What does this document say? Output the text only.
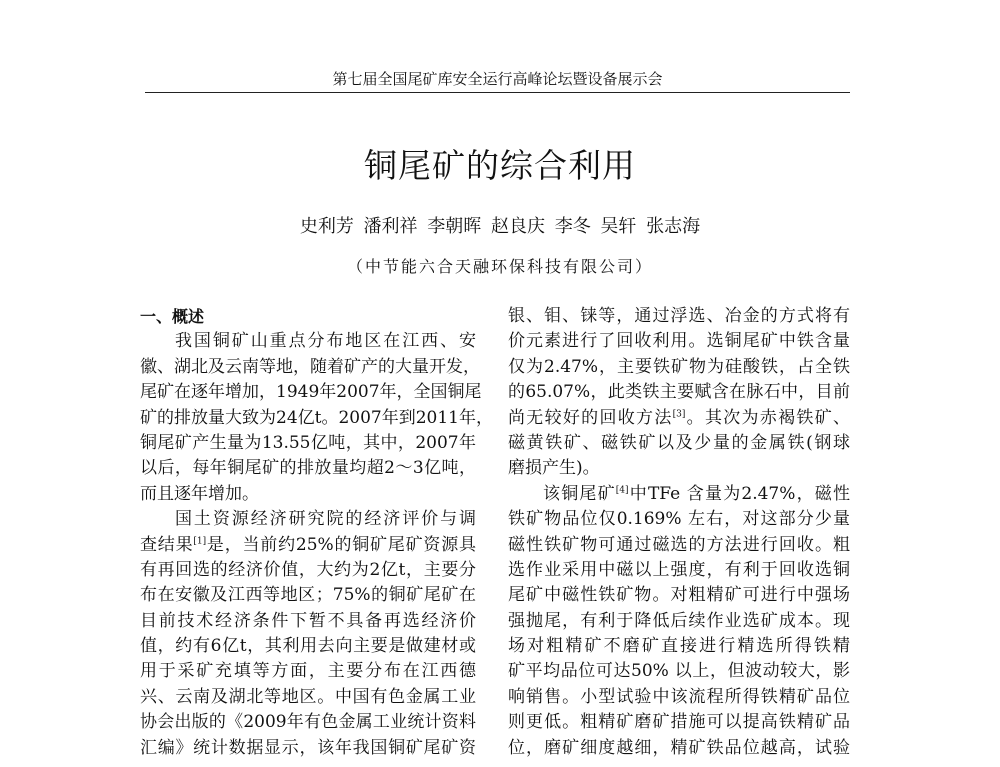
第七届全国尾矿库安全运行高峰论坛暨设备展示会
铜尾矿的综合利用
史利芳 潘利祥 李朝晖 赵良庆 李冬 吴轩 张志海
（中节能六合天融环保科技有限公司）
一、概述
我国铜矿山重点分布地区在江西、安
徽、湖北及云南等地，随着矿产的大量开发，
尾矿在逐年增加，1949年2007年，全国铜尾
矿的排放量大致为24亿t。2007年到2011年，
铜尾矿产生量为13.55亿吨，其中，2007年
以后，每年铜尾矿的排放量均超2～3亿吨，
而且逐年增加。
国土资源经济研究院的经济评价与调
查结果[1]是，当前约25%的铜矿尾矿资源具
有再回选的经济价值，大约为2亿t，主要分
布在安徽及江西等地区；75%的铜矿尾矿在
目前技术经济条件下暂不具备再选经济价
值，约有6亿t，其利用去向主要是做建材或
用于采矿充填等方面，主要分布在江西德
兴、云南及湖北等地区。中国有色金属工业
协会出版的《2009年有色金属工业统计资料
汇编》统计数据显示，该年我国铜矿尾矿资
银、钼、铼等，通过浮选、冶金的方式将有
价元素进行了回收利用。选铜尾矿中铁含量
仅为2.47%，主要铁矿物为硅酸铁，占全铁
的65.07%，此类铁主要赋含在脉石中，目前
尚无较好的回收方法[3]。其次为赤褐铁矿、
磁黄铁矿、磁铁矿以及少量的金属铁(钢球
磨损产生)。
该铜尾矿[4]中TFe 含量为2.47%，磁性
铁矿物品位仅0.169% 左右，对这部分少量
磁性铁矿物可通过磁选的方法进行回收。粗
选作业采用中磁以上强度，有利于回收选铜
尾矿中磁性铁矿物。对粗精矿可进行中强场
强抛尾，有利于降低后续作业选矿成本。现
场对粗精矿不磨矿直接进行精选所得铁精
矿平均品位可达50% 以上，但波动较大，影
响销售。小型试验中该流程所得铁精矿品位
则更低。粗精矿磨矿措施可以提高铁精矿品
位，磨矿细度越细，精矿铁品位越高，试验
